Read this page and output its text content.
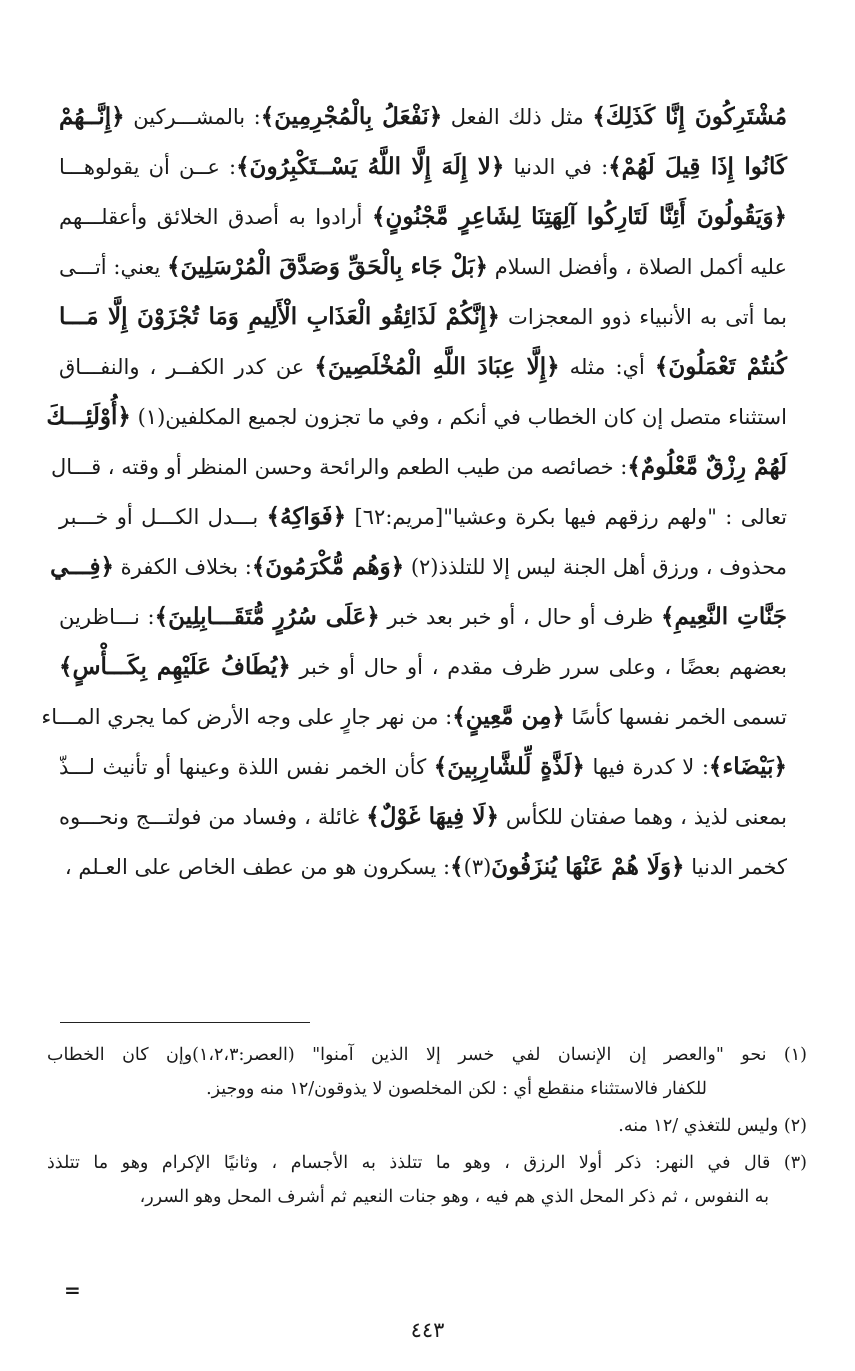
مُشْتَرِكُونَ إِنَّا كَذَلِكَ﴾ مثل ذلك الفعل ﴿نَفْعَلُ بِالْمُجْرِمِينَ﴾: بالمشـــركين ﴿إِنَّــهُمْ
كَانُوا إِذَا قِيلَ لَهُمْ﴾: في الدنيا ﴿لا إِلَهَ إِلَّا اللَّهُ يَسْــتَكْبِرُونَ﴾: عــن أن يقولوهـــا
﴿وَيَقُولُونَ أَئِنَّا لَتَارِكُوا آلِهَتِنَا لِشَاعِرٍ مَّجْنُونٍ﴾ أرادوا به أصدق الخلائق وأعقلـــهم
عليه أكمل الصلاة ، وأفضل السلام ﴿بَلْ جَاء بِالْحَقِّ وَصَدَّقَ الْمُرْسَلِينَ﴾ يعني: أتـــى
بما أتى به الأنبياء ذوو المعجزات ﴿إِنَّكُمْ لَذَائِقُو الْعَذَابِ الْأَلِيمِ وَمَا تُجْزَوْنَ إِلَّا مَـــا
كُنتُمْ تَعْمَلُونَ﴾ أي: مثله ﴿إِلَّا عِبَادَ اللَّهِ الْمُخْلَصِينَ﴾ عن كدر الكفــر ، والنفـــاق
استثناء متصل إن كان الخطاب في أنكم ، وفي ما تجزون لجميع المكلفين(١) ﴿أُوْلَئِـــكَ
لَهُمْ رِزْقٌ مَّعْلُومٌ﴾: خصائصه من طيب الطعم والرائحة وحسن المنظر أو وقته ، قـــال
تعالى : "ولهم رزقهم فيها بكرة وعشيا"[مريم:٦٢] ﴿فَوَاكِهُ﴾ بـــدل الكـــل أو خـــبر
محذوف ، ورزق أهل الجنة ليس إلا للتلذذ(٢) ﴿وَهُم مُّكْرَمُونَ﴾: بخلاف الكفرة ﴿فِـــي
جَنَّاتِ النَّعِيمِ﴾ ظرف أو حال ، أو خبر بعد خبر ﴿عَلَى سُرُرٍ مُّتَقَـــابِلِينَ﴾: نـــاظرين
بعضهم بعضًا ، وعلى سرر ظرف مقدم ، أو حال أو خبر ﴿يُطَافُ عَلَيْهِم بِكَـــأْسٍ﴾
تسمى الخمر نفسها كأسًا ﴿مِن مَّعِينٍ﴾: من نهر جارٍ على وجه الأرض كما يجري المـــاء
﴿بَيْضَاء﴾: لا كدرة فيها ﴿لَذَّةٍ لِّلشَّارِبِينَ﴾ كأن الخمر نفس اللذة وعينها أو تأنيث لـــذّ
بمعنى لذيذ ، وهما صفتان للكأس ﴿لَا فِيهَا غَوْلٌ﴾ غائلة ، وفساد من فولتـــج ونحـــوه
كخمر الدنيا ﴿وَلَا هُمْ عَنْهَا يُنزَفُونَ(٣)﴾: يسكرون هو من عطف الخاص على العـلم ،
(١) نحو "والعصر إن الإنسان لفي خسر إلا الذين آمنوا" (العصر:١،٢،٣)وإن كان الخطاب
للكفار فالاستثناء منقطع أي : لكن المخلصون لا يذوقون/١٢ منه ووجيز.
(٢) وليس للتغذي /١٢ منه.
(٣) قال في النهر: ذكر أولا الرزق ، وهو ما تتلذذ به الأجسام ، وثانيًا الإكرام وهو ما تتلذذ
به النفوس ، ثم ذكر المحل الذي هم فيه ، وهو جنات النعيم ثم أشرف المحل وهو السرر،
=
٤٤٣
